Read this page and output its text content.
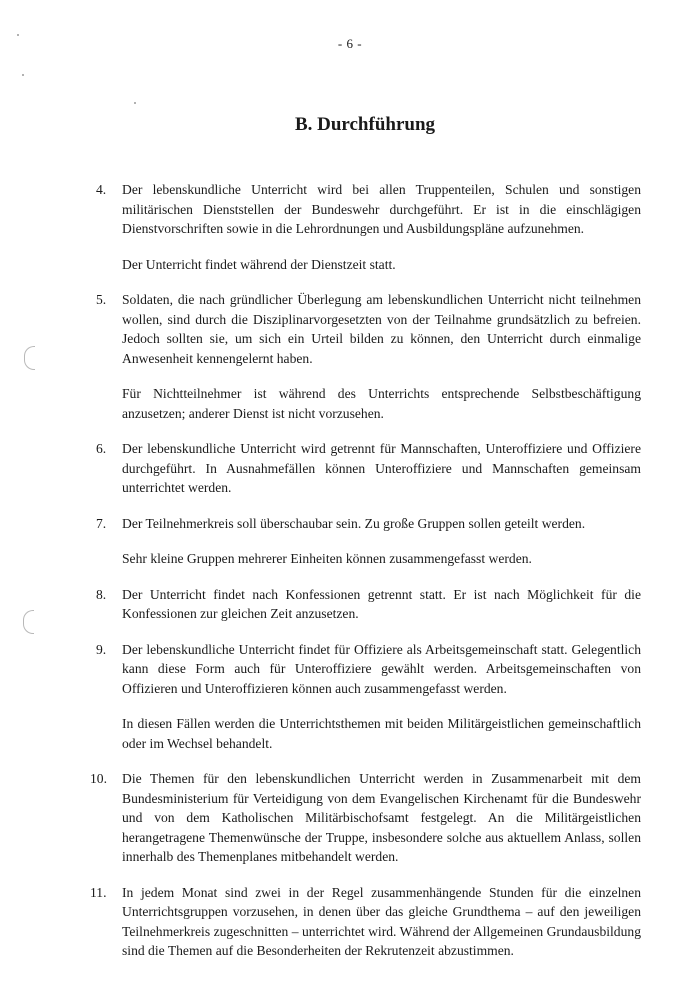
- 6 -
B. Durchführung
4.	Der lebenskundliche Unterricht wird bei allen Truppenteilen, Schulen und sonstigen militärischen Dienststellen der Bundeswehr durchgeführt. Er ist in die einschlägigen Dienstvorschriften sowie in die Lehrordnungen und Ausbildungspläne aufzunehmen.

Der Unterricht findet während der Dienstzeit statt.

5.	Soldaten, die nach gründlicher Überlegung am lebenskundlichen Unterricht nicht teilnehmen wollen, sind durch die Disziplinarvorgesetzten von der Teilnahme grundsätzlich zu befreien. Jedoch sollten sie, um sich ein Urteil bilden zu können, den Unterricht durch einmalige Anwesenheit kennengelernt haben.

Für Nichtteilnehmer ist während des Unterrichts entsprechende Selbstbeschäftigung anzusetzen; anderer Dienst ist nicht vorzusehen.

6.	Der lebenskundliche Unterricht wird getrennt für Mannschaften, Unteroffiziere und Offiziere durchgeführt. In Ausnahmefällen können Unteroffiziere und Mannschaften gemeinsam unterrichtet werden.

7.	Der Teilnehmerkreis soll überschaubar sein. Zu große Gruppen sollen geteilt werden.

Sehr kleine Gruppen mehrerer Einheiten können zusammengefasst werden.

8.	Der Unterricht findet nach Konfessionen getrennt statt. Er ist nach Möglichkeit für die Konfessionen zur gleichen Zeit anzusetzen.

9.	Der lebenskundliche Unterricht findet für Offiziere als Arbeitsgemeinschaft statt. Gelegentlich kann diese Form auch für Unteroffiziere gewählt werden. Arbeitsgemeinschaften von Offizieren und Unteroffizieren können auch zusammengefasst werden.

In diesen Fällen werden die Unterrichtsthemen mit beiden Militärgeistlichen gemeinschaftlich oder im Wechsel behandelt.

10.	Die Themen für den lebenskundlichen Unterricht werden in Zusammenarbeit mit dem Bundesministerium für Verteidigung von dem Evangelischen Kirchenamt für die Bundeswehr und von dem Katholischen Militärbischofsamt festgelegt. An die Militärgeistlichen herangetragene Themenwünsche der Truppe, insbesondere solche aus aktuellem Anlass, sollen innerhalb des Themenplanes mitbehandelt werden.

11.	In jedem Monat sind zwei in der Regel zusammenhängende Stunden für die einzelnen Unterrichtsgruppen vorzusehen, in denen über das gleiche Grundthema – auf den jeweiligen Teilnehmerkreis zugeschnitten – unterrichtet wird. Während der Allgemeinen Grundausbildung sind die Themen auf die Besonderheiten der Rekrutenzeit abzustimmen.
